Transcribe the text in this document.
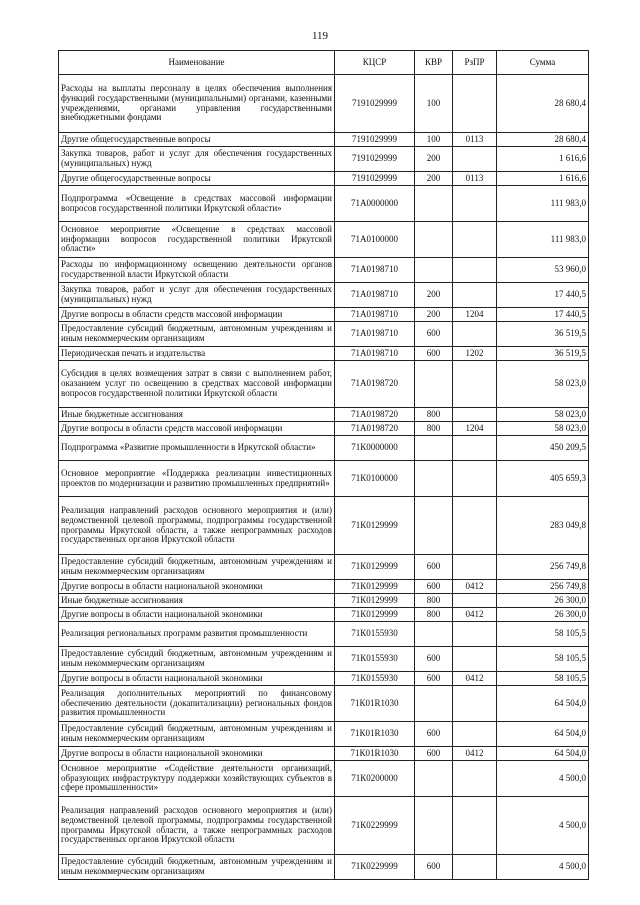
119
Наименование	КЦСР	КВР	РзПР	Сумма
Расходы на выплаты персоналу в целях обеспечения выполнения функций государственными (муниципальными) органами, казенными учреждениями, органами управления государственными внебюджетными фондами	7191029999	100		28 680,4
Другие общегосударственные вопросы	7191029999	100	0113	28 680,4
Закупка товаров, работ и услуг для обеспечения государственных (муниципальных) нужд	7191029999	200		1 616,6
Другие общегосударственные вопросы	7191029999	200	0113	1 616,6
Подпрограмма «Освещение в средствах массовой информации вопросов государственной политики Иркутской области»	71А0000000			111 983,0
Основное мероприятие «Освещение в средствах массовой информации вопросов государственной политики Иркутской области»	71А0100000			111 983,0
Расходы по информационному освещению деятельности органов государственной власти Иркутской области	71А0198710			53 960,0
Закупка товаров, работ и услуг для обеспечения государственных (муниципальных) нужд	71А0198710	200		17 440,5
Другие вопросы в области средств массовой информации	71А0198710	200	1204	17 440,5
Предоставление субсидий бюджетным, автономным учреждениям и иным некоммерческим организациям	71А0198710	600		36 519,5
Периодическая печать и издательства	71А0198710	600	1202	36 519,5
Субсидия в целях возмещения затрат в связи с выполнением работ, оказанием услуг по освещению в средствах массовой информации вопросов государственной политики Иркутской области	71А0198720			58 023,0
Иные бюджетные ассигнования	71А0198720	800		58 023,0
Другие вопросы в области средств массовой информации	71А0198720	800	1204	58 023,0
Подпрограмма «Развитие промышленности в Иркутской области»	71К0000000			450 209,5
Основное мероприятие «Поддержка реализации инвестиционных проектов по модернизации и развитию промышленных предприятий»	71К0100000			405 659,3
Реализация направлений расходов основного мероприятия и (или) ведомственной целевой программы, подпрограммы государственной программы Иркутской области, а также непрограммных расходов государственных органов Иркутской области	71К0129999			283 049,8
Предоставление субсидий бюджетным, автономным учреждениям и иным некоммерческим организациям	71К0129999	600		256 749,8
Другие вопросы в области национальной экономики	71К0129999	600	0412	256 749,8
Иные бюджетные ассигнования	71К0129999	800		26 300,0
Другие вопросы в области национальной экономики	71К0129999	800	0412	26 300,0
Реализация региональных программ развития промышленности	71К0155930			58 105,5
Предоставление субсидий бюджетным, автономным учреждениям и иным некоммерческим организациям	71К0155930	600		58 105,5
Другие вопросы в области национальной экономики	71К0155930	600	0412	58 105,5
Реализация дополнительных мероприятий по финансовому обеспечению деятельности (докапитализации) региональных фондов развития промышленности	71К01R1030			64 504,0
Предоставление субсидий бюджетным, автономным учреждениям и иным некоммерческим организациям	71К01R1030	600		64 504,0
Другие вопросы в области национальной экономики	71К01R1030	600	0412	64 504,0
Основное мероприятие «Содействие деятельности организаций, образующих инфраструктуру поддержки хозяйствующих субъектов в сфере промышленности»	71К0200000			4 500,0
Реализация направлений расходов основного мероприятия и (или) ведомственной целевой программы, подпрограммы государственной программы Иркутской области, а также непрограммных расходов государственных органов Иркутской области	71К0229999			4 500,0
Предоставление субсидий бюджетным, автономным учреждениям и иным некоммерческим организациям	71К0229999	600		4 500,0
